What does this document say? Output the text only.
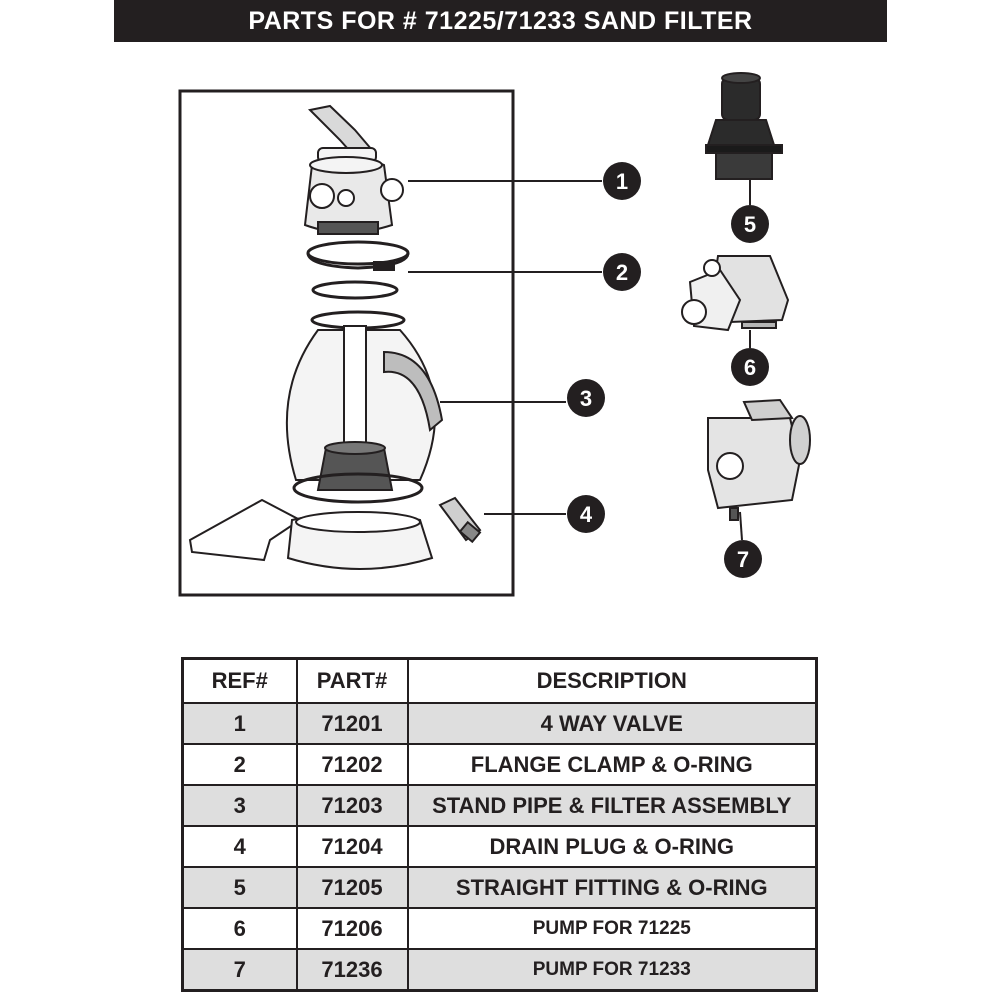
PARTS FOR # 71225/71233 SAND FILTER
1
2
3
4
5
6
7
REF#	PART#	DESCRIPTION
1	71201	4 WAY VALVE
2	71202	FLANGE CLAMP & O-RING
3	71203	STAND PIPE & FILTER ASSEMBLY
4	71204	DRAIN PLUG & O-RING
5	71205	STRAIGHT FITTING & O-RING
6	71206	PUMP FOR 71225
7	71236	PUMP FOR 71233
